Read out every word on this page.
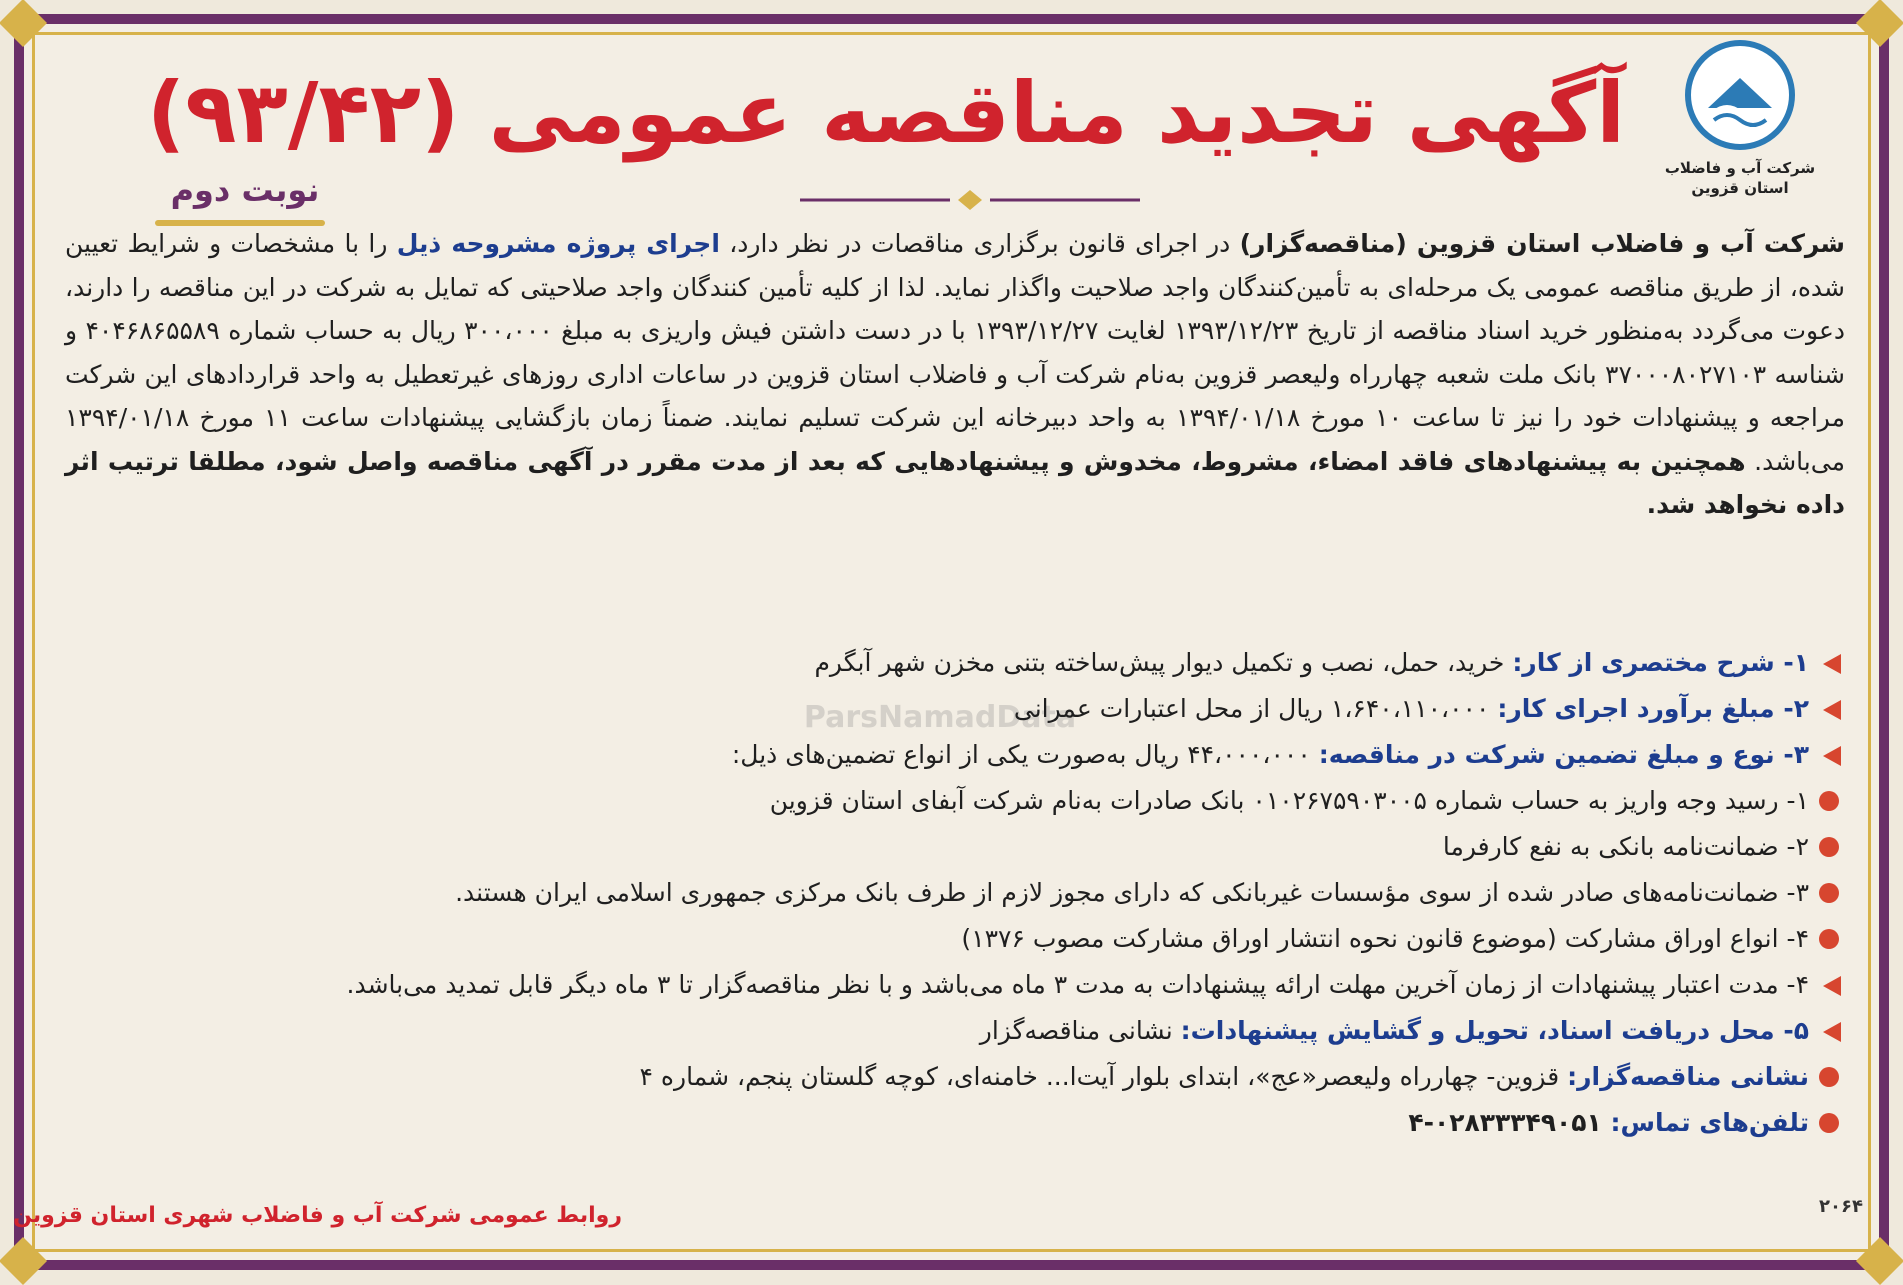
شرکت آب و فاضلاب
استان قزوین
آگهی تجدید مناقصه عمومی (۹۳/۴۲)
نوبت دوم
شرکت آب و فاضلاب استان قزوین (مناقصه‌گزار) در اجرای قانون برگزاری مناقصات در نظر دارد، اجرای پروژه مشروحه ذیل را با مشخصات و شرایط تعیین شده، از طریق مناقصه عمومی یک مرحله‌ای به تأمین‌کنندگان واجد صلاحیت واگذار نماید. لذا از کلیه تأمین کنندگان واجد صلاحیتی که تمایل به شرکت در این مناقصه را دارند، دعوت می‌گردد به‌منظور خرید اسناد مناقصه از تاریخ ۱۳۹۳/۱۲/۲۳ لغایت ۱۳۹۳/۱۲/۲۷ با در دست داشتن فیش واریزی به مبلغ ۳۰۰،۰۰۰ ریال به حساب شماره ۴۰۴۶۸۶۵۵۸۹ و شناسه ۳۷۰۰۰۸۰۲۷۱۰۳ بانک ملت شعبه چهارراه ولیعصر قزوین به‌نام شرکت آب و فاضلاب استان قزوین در ساعات اداری روزهای غیرتعطیل به واحد قراردادهای این شرکت مراجعه و پیشنهادات خود را نیز تا ساعت ۱۰ مورخ ۱۳۹۴/۰۱/۱۸ به واحد دبیرخانه این شرکت تسلیم نمایند. ضمناً زمان بازگشایی پیشنهادات ساعت ۱۱ مورخ ۱۳۹۴/۰۱/۱۸ می‌باشد. همچنین به پیشنهادهای فاقد امضاء، مشروط، مخدوش و پیشنهادهایی که بعد از مدت مقرر در آگهی مناقصه واصل شود، مطلقا ترتیب اثر داده نخواهد شد.
ParsNamadData
۱- شرح مختصری از کار: خرید، حمل، نصب و تکمیل دیوار پیش‌ساخته بتنی مخزن شهر آبگرم
۲- مبلغ برآورد اجرای کار: ۱،۶۴۰،۱۱۰،۰۰۰ ریال از محل اعتبارات عمرانی
۳- نوع و مبلغ تضمین شرکت در مناقصه: ۴۴،۰۰۰،۰۰۰ ریال به‌صورت یکی از انواع تضمین‌های ذیل:
۱- رسید وجه واریز به حساب شماره ۰۱۰۲۶۷۵۹۰۳۰۰۵ بانک صادرات به‌نام شرکت آبفای استان قزوین
۲- ضمانت‌نامه بانکی به نفع کارفرما
۳- ضمانت‌نامه‌های صادر شده از سوی مؤسسات غیربانکی که دارای مجوز لازم از طرف بانک مرکزی جمهوری اسلامی ایران هستند.
۴- انواع اوراق مشارکت (موضوع قانون نحوه انتشار اوراق مشارکت مصوب ۱۳۷۶)
۴- مدت اعتبار پیشنهادات از زمان آخرین مهلت ارائه پیشنهادات به مدت ۳ ماه می‌باشد و با نظر مناقصه‌گزار تا ۳ ماه دیگر قابل تمدید می‌باشد.
۵- محل دریافت اسناد، تحویل و گشایش پیشنهادات: نشانی مناقصه‌گزار
نشانی مناقصه‌گزار: قزوین- چهارراه ولیعصر«عج»، ابتدای بلوار آیت‌ا... خامنه‌ای، کوچه گلستان پنجم، شماره ۴
تلفن‌های تماس: ۰۲۸۳۳۳۴۹۰۵۱-۴
روابط عمومی شرکت آب و فاضلاب شهری استان قزوین	۲۰۶۴
